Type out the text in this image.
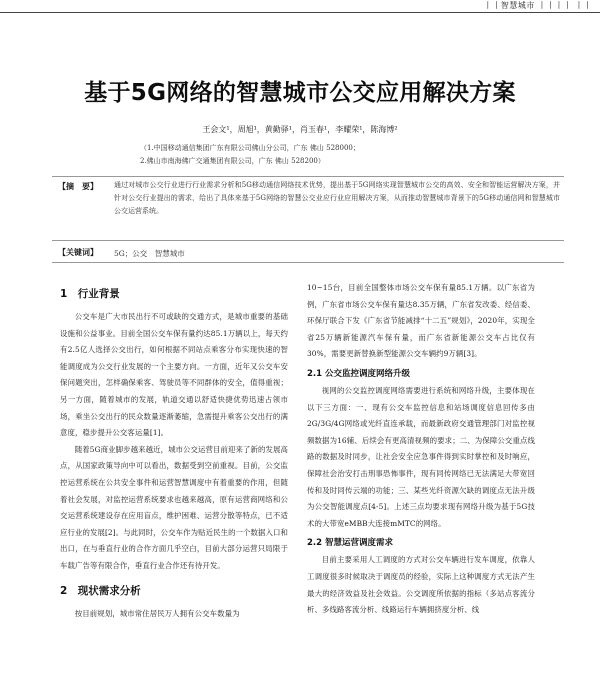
丨丨智慧城市 丨丨丨丨 丨丨
基于5G网络的智慧城市公交应用解决方案
王会文¹，周旭¹，黄勤驿¹，肖玉春¹，李耀荣¹，陈海博²
（1.中国移动通信集团广东有限公司佛山分公司，广东 佛山 528000；
2.佛山市南海佛广交通集团有限公司，广东 佛山 528200）
【摘　要】 通过对城市公交行业进行行业需求分析和5G移动通信网络技术优势，提出基于5G网络实现智慧城市公交的高效、安全和智能运营解决方案，并针对公交行业提出的需求，给出了具体来基于5G网络的智慧公交业应行业应用解决方案，从而推动智慧城市背景下的5G移动通信网和智慧城市公交运营系统。
【关键词】 5G；公交　智慧城市
1　行业背景

公交车是广大市民出行不可或缺的交通方式，是城市重要的基础设施和公益事业。目前全国公交车保有量约达85.1万辆以上，每天约有2.5亿人选择公交出行，如何根据不同站点乘客分布实现快速的智能调度成为公交行业发展的一个主要方向。一方面，近年又公交车安保问题突出，怎样确保乘客、驾驶员等不同群体的安全，值得重视；另一方面，随着城市的发展，轨道交通以舒适快捷优势迅速占领市场，乘坐公交出行的民众数量逐渐萎缩，急需提升乘客公交出行的满意度，稳步提升公交客运量[1]。

随着5G商业脚步越来越近，城市公交运营目前迎来了新的发展高点，从国家政策导向中可以看出，数据受到空前重视。目前，公交监控运营系统在公共安全事件和运营智慧调度中有着重要的作用，但随着社会发展，对监控运营系统要求也越来越高，原有运营商网络和公交运营系统建设存在应用盲点，维护困难、运营分散等特点，已不适应行业的发展[2]。与此同时，公交车作为贴近民生的一个数据入口和出口，在与垂直行业的合作方面几乎空白，目前大部分运营只局限于车载广告等有限合作，垂直行业合作还有待开发。

2　现状需求分析

按目前规划，城市常住居民万人拥有公交车数量为

10~15台，目前全国整体市场公交车保有量85.1万辆。以广东省为例，广东省市场公交车保有量达8.35万辆，广东省发改委、经信委、环保厅联合下发《广东省节能减排“十二五”规划》，2020年，实现全省25万辆新能源汽车保有量，而广东省新能源公交车占比仅有30%，需要更新替换新型能源公交车辆约9万辆[3]。

2.1 公交监控调度网络升级

视网的公交监控调度网络需要进行系统和网络升级，主要体现在以下三方面：一、现有公交车监控信息和站场调度信息回传多由2G/3G/4G网络或光纤直连承载，而最新政府交通管理部门对监控视频数据为16辅、后续会有更高清视频的要求；二、为保障公交重点线路的数据及时同步，让社会安全应急事件得到实时掌控和及时响应，保障社会治安打击刑事恐怖事件，现有同传网络已无法满足大带宽回传和及时同传云端的功能；三、某些光纤资源欠缺的调度点无法升级为公交智能调度点[4-5]。上述三点均要求现有网络升级为基于5G技术的大带宽eMBB大连接mMTC的网络。

2.2 智慧运营调度需求

目前主要采用人工调度的方式对公交车辆进行发车调度，依靠人工调度很多时候取决于调度员的经验，实际上这种调度方式无法产生最大的经济效益及社会效益。公交调度所依据的指标（多站点客流分析、多线路客流分析、线路运行车辆拥挤度分析、线
